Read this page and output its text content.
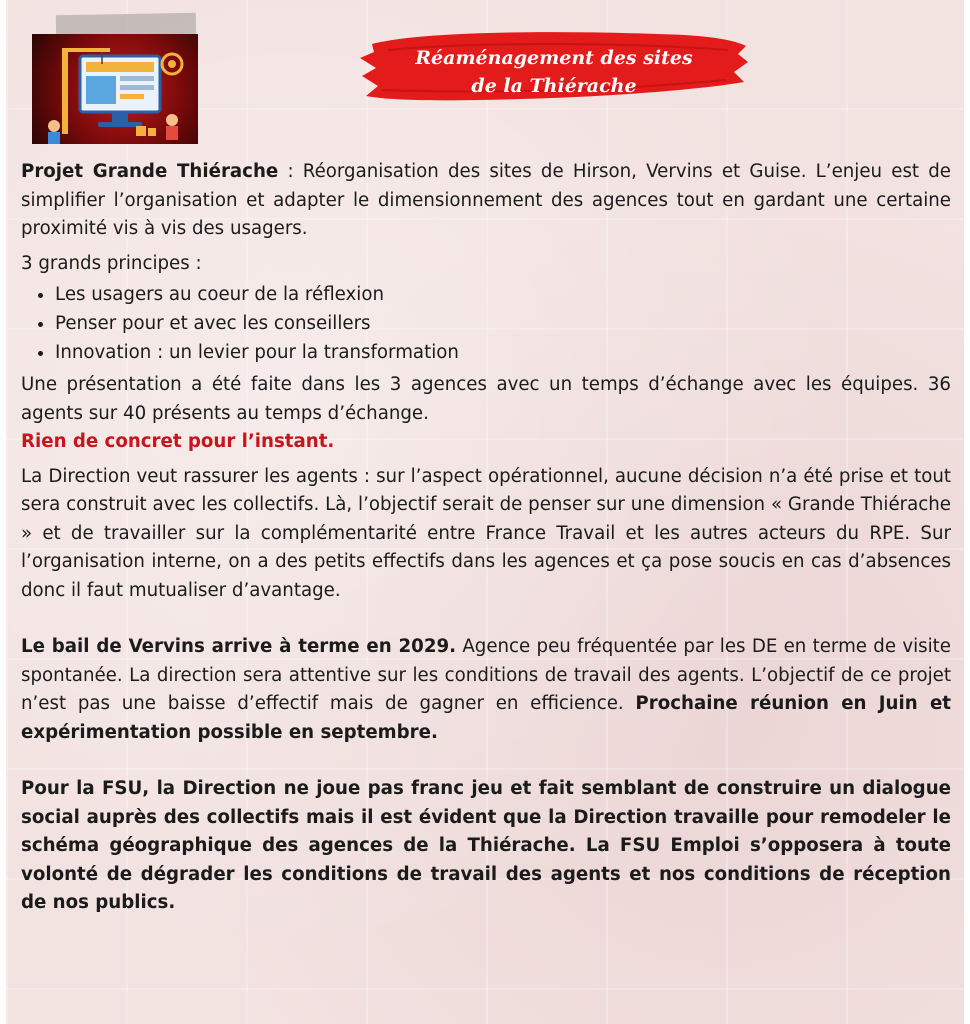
Réaménagement des sites
de la Thiérache

Projet Grande Thiérache : Réorganisation des sites de Hirson, Vervins et Guise. L’enjeu est de simplifier l’organisation et adapter le dimensionnement des agences tout en gardant une certaine proximité vis à vis des usagers.

3 grands principes :

• Les usagers au coeur de la réflexion
• Penser pour et avec les conseillers
• Innovation : un levier pour la transformation

Une présentation a été faite dans les 3 agences avec un temps d’échange avec les équipes. 36 agents sur 40 présents au temps d’échange.

Rien de concret pour l’instant.

La Direction veut rassurer les agents : sur l’aspect opérationnel, aucune décision n’a été prise et tout sera construit avec les collectifs. Là, l’objectif serait de penser sur une dimension « Grande Thiérache » et de travailler sur la complémentarité entre France Travail et les autres acteurs du RPE. Sur l’organisation interne, on a des petits effectifs dans les agences et ça pose soucis en cas d’absences donc il faut mutualiser d’avantage.

Le bail de Vervins arrive à terme en 2029. Agence peu fréquentée par les DE en terme de visite spontanée. La direction sera attentive sur les conditions de travail des agents. L’objectif de ce projet n’est pas une baisse d’effectif mais de gagner en efficience. Prochaine réunion en Juin et expérimentation possible en septembre.

Pour la FSU, la Direction ne joue pas franc jeu et fait semblant de construire un dialogue social auprès des collectifs mais il est évident que la Direction travaille pour remodeler le schéma géographique des agences de la Thiérache. La FSU Emploi s’opposera à toute volonté de dégrader les conditions de travail des agents et nos conditions de réception de nos publics.
